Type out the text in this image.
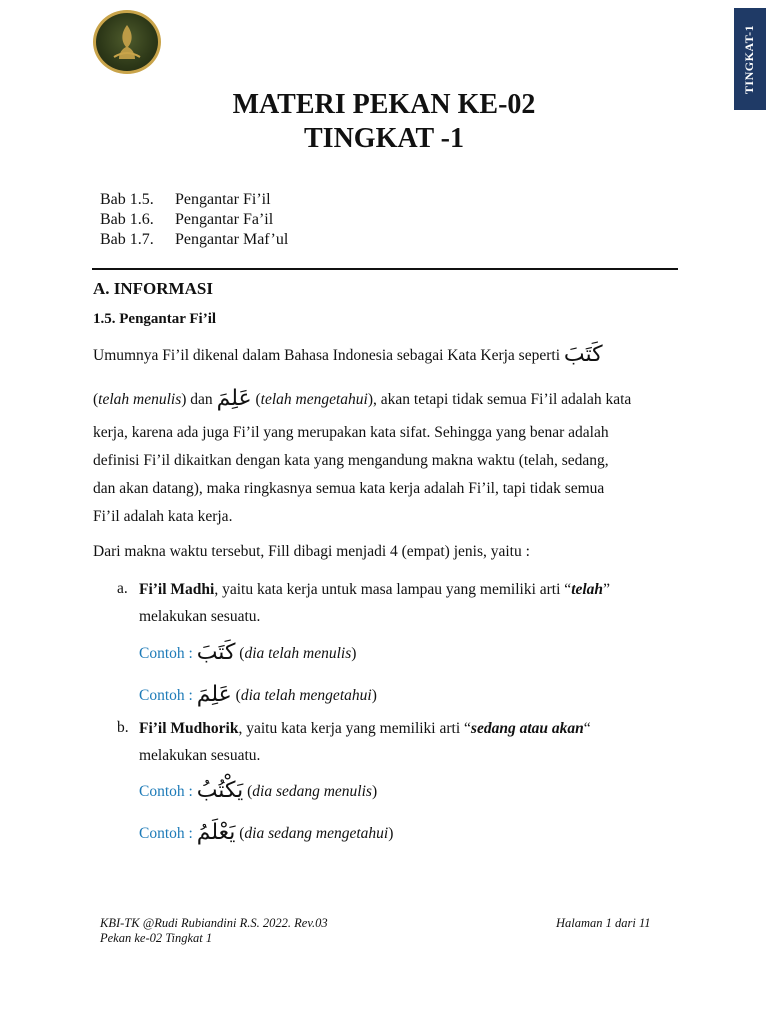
TINGKAT-1
MATERI PEKAN KE-02
TINGKAT -1
Bab 1.5. Pengantar Fi’il
Bab 1.6. Pengantar Fa’il
Bab 1.7. Pengantar Maf’ul
A. INFORMASI
1.5. Pengantar Fi’il
Umumnya Fi’il dikenal dalam Bahasa Indonesia sebagai Kata Kerja seperti كَتَبَ
(telah menulis) dan عَلِمَ (telah mengetahui), akan tetapi tidak semua Fi’il adalah kata
kerja, karena ada juga Fi’il yang merupakan kata sifat. Sehingga yang benar adalah
definisi Fi’il dikaitkan dengan kata yang mengandung makna waktu (telah, sedang,
dan akan datang), maka ringkasnya semua kata kerja adalah Fi’il, tapi tidak semua
Fi’il adalah kata kerja.
Dari makna waktu tersebut, Fill dibagi menjadi 4 (empat) jenis, yaitu :
a. Fi’il Madhi, yaitu kata kerja untuk masa lampau yang memiliki arti “telah”
melakukan sesuatu.
Contoh : كَتَبَ (dia telah menulis)
Contoh : عَلِمَ (dia telah mengetahui)
b. Fi’il Mudhorik, yaitu kata kerja yang memiliki arti “sedang atau akan“
melakukan sesuatu.
Contoh : يَكْتُبُ (dia sedang menulis)
Contoh : يَعْلَمُ (dia sedang mengetahui)
KBI-TK @Rudi Rubiandini R.S. 2022. Rev.03
Pekan ke-02 Tingkat 1
Halaman 1 dari 11
